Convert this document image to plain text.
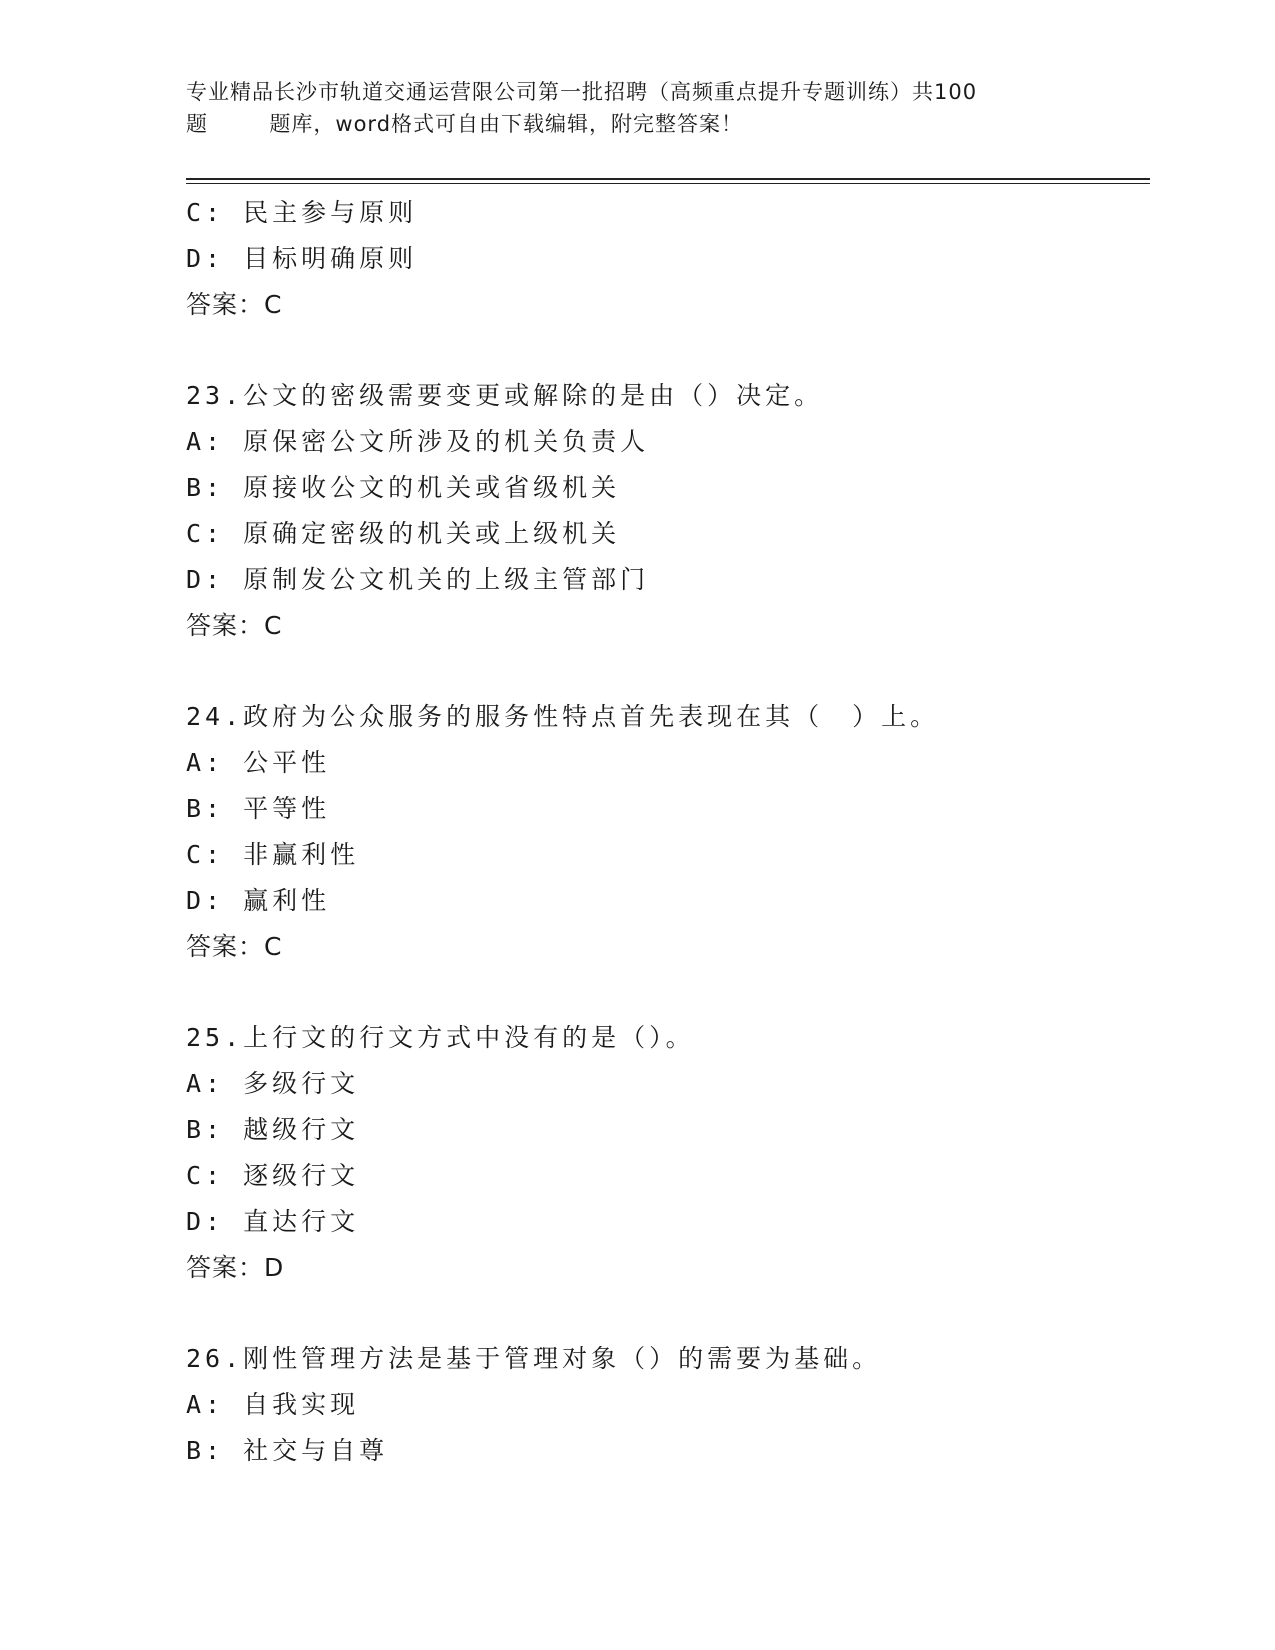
专业精品长沙市轨道交通运营限公司第一批招聘（高频重点提升专题训练）共100
题        题库，word格式可自由下载编辑，附完整答案！
C: 民主参与原则
D: 目标明确原则
答案：C
23.公文的密级需要变更或解除的是由（）决定。
A: 原保密公文所涉及的机关负责人
B: 原接收公文的机关或省级机关
C: 原确定密级的机关或上级机关
D: 原制发公文机关的上级主管部门
答案：C
24.政府为公众服务的服务性特点首先表现在其（　）上。
A: 公平性
B: 平等性
C: 非赢利性
D: 赢利性
答案：C
25.上行文的行文方式中没有的是（）。
A: 多级行文
B: 越级行文
C: 逐级行文
D: 直达行文
答案：D
26.刚性管理方法是基于管理对象（）的需要为基础。
A: 自我实现
B: 社交与自尊
